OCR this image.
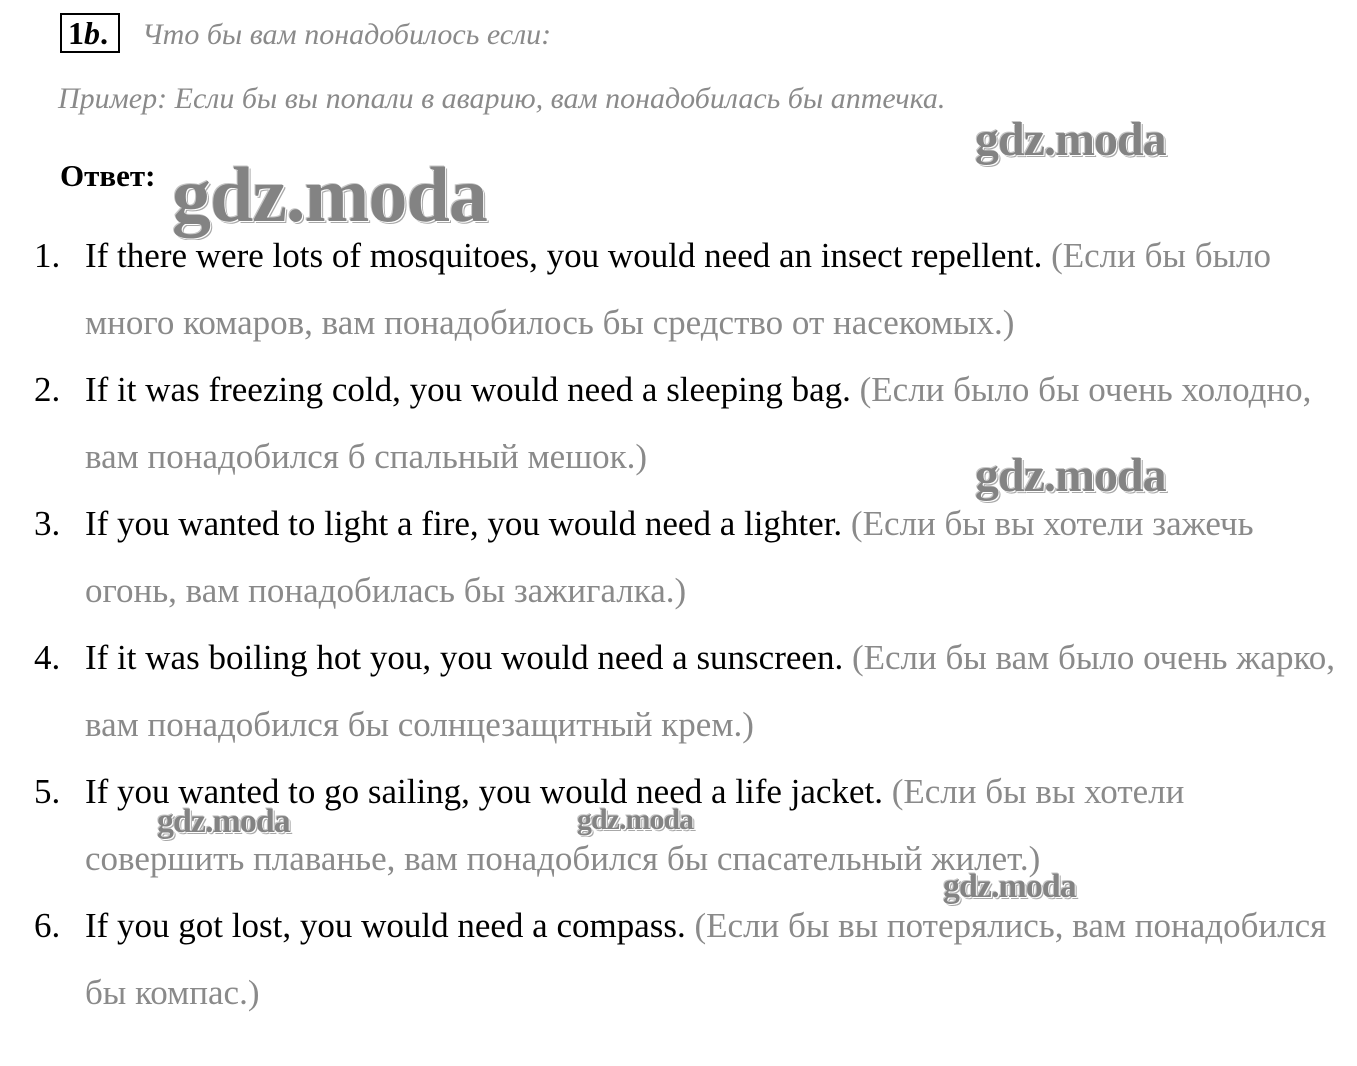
1b.	Что бы вам понадобилось если:
Пример: Если бы вы попали в аварию, вам понадобилась бы аптечка.
Ответ:
1. If there were lots of mosquitoes, you would need an insect repellent. (Если бы было много комаров, вам понадобилось бы средство от насекомых.)
2. If it was freezing cold, you would need a sleeping bag. (Если было бы очень холодно, вам понадобился б спальный мешок.)
3. If you wanted to light a fire, you would need a lighter. (Если бы вы хотели зажечь огонь, вам понадобилась бы зажигалка.)
4. If it was boiling hot you, you would need a sunscreen. (Если бы вам было очень жарко, вам понадобился бы солнцезащитный крем.)
5. If you wanted to go sailing, you would need a life jacket. (Если бы вы хотели совершить плаванье, вам понадобился бы спасательный жилет.)
6. If you got lost, you would need a compass. (Если бы вы потерялись, вам понадобился бы компас.)
gdz.moda
gdz.moda
gdz.moda
gdz.moda	gdz.moda
gdz.moda
